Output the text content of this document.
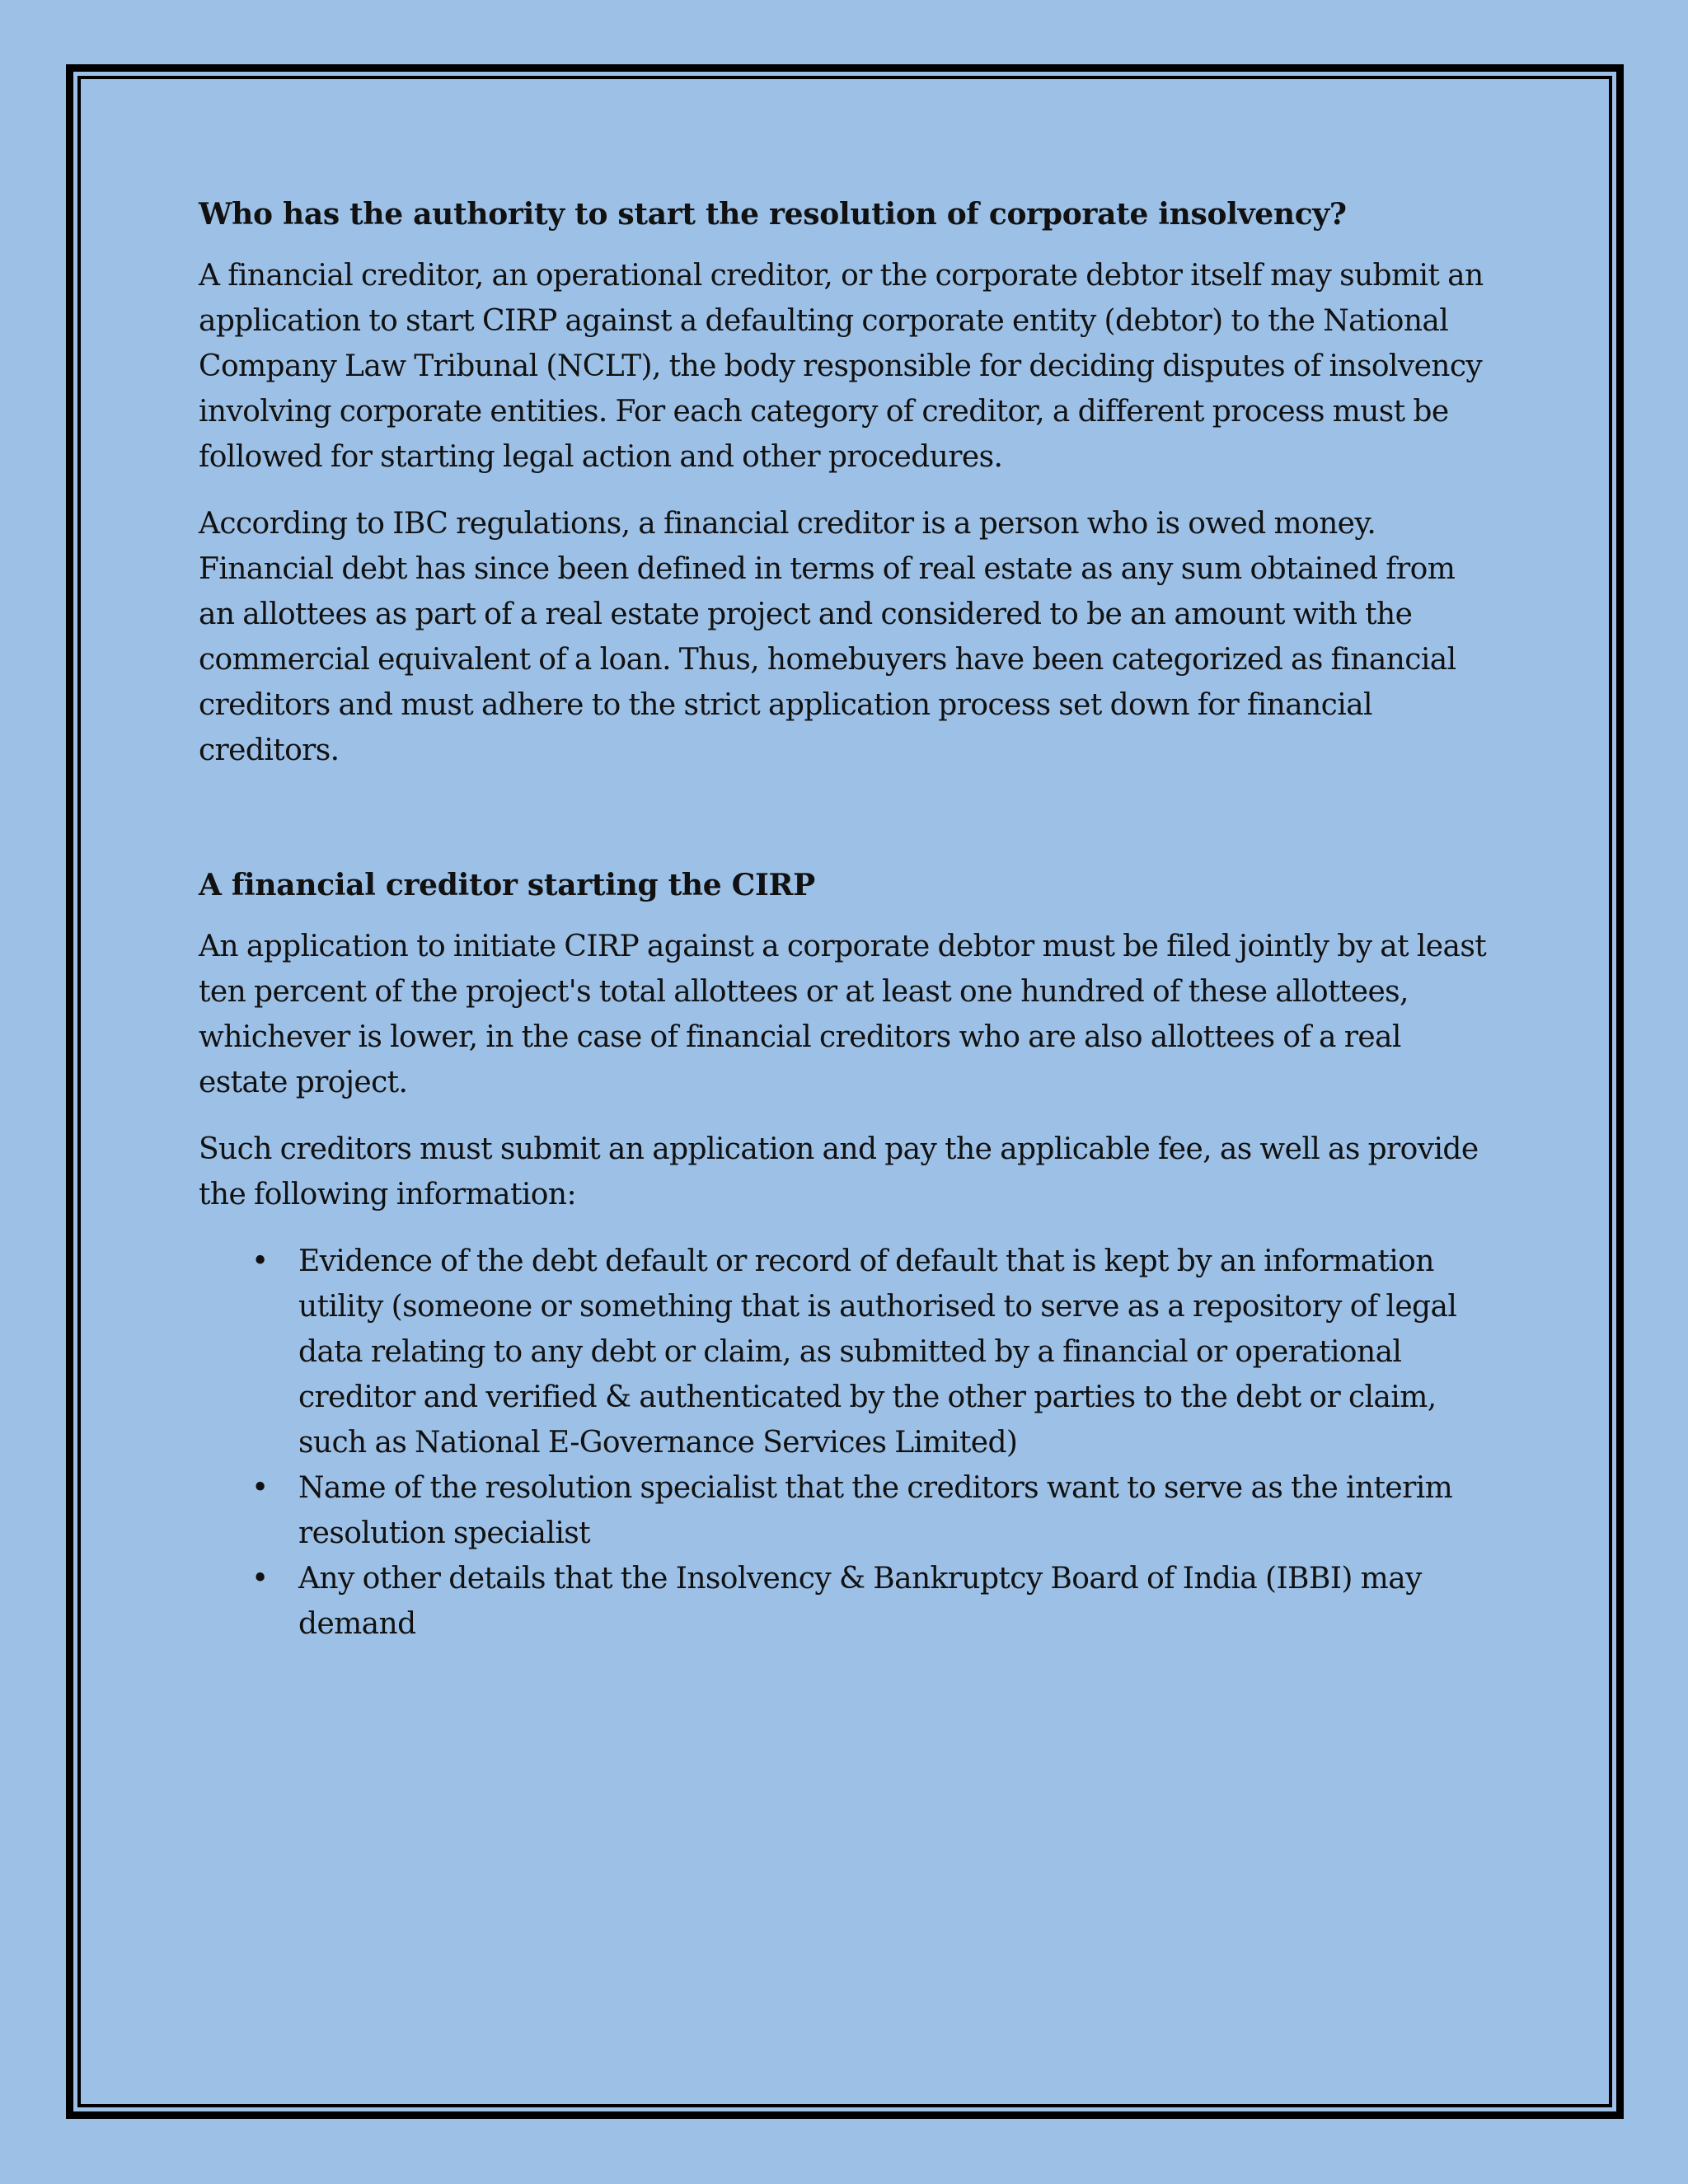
Who has the authority to start the resolution of corporate insolvency?

A financial creditor, an operational creditor, or the corporate debtor itself may submit an application to start CIRP against a defaulting corporate entity (debtor) to the National Company Law Tribunal (NCLT), the body responsible for deciding disputes of insolvency involving corporate entities. For each category of creditor, a different process must be followed for starting legal action and other procedures.

According to IBC regulations, a financial creditor is a person who is owed money. Financial debt has since been defined in terms of real estate as any sum obtained from an allottees as part of a real estate project and considered to be an amount with the commercial equivalent of a loan. Thus, homebuyers have been categorized as financial creditors and must adhere to the strict application process set down for financial creditors.

A financial creditor starting the CIRP

An application to initiate CIRP against a corporate debtor must be filed jointly by at least ten percent of the project's total allottees or at least one hundred of these allottees, whichever is lower, in the case of financial creditors who are also allottees of a real estate project.

Such creditors must submit an application and pay the applicable fee, as well as provide the following information:

• Evidence of the debt default or record of default that is kept by an information utility (someone or something that is authorised to serve as a repository of legal data relating to any debt or claim, as submitted by a financial or operational creditor and verified & authenticated by the other parties to the debt or claim, such as National E-Governance Services Limited)
• Name of the resolution specialist that the creditors want to serve as the interim resolution specialist
• Any other details that the Insolvency & Bankruptcy Board of India (IBBI) may demand
